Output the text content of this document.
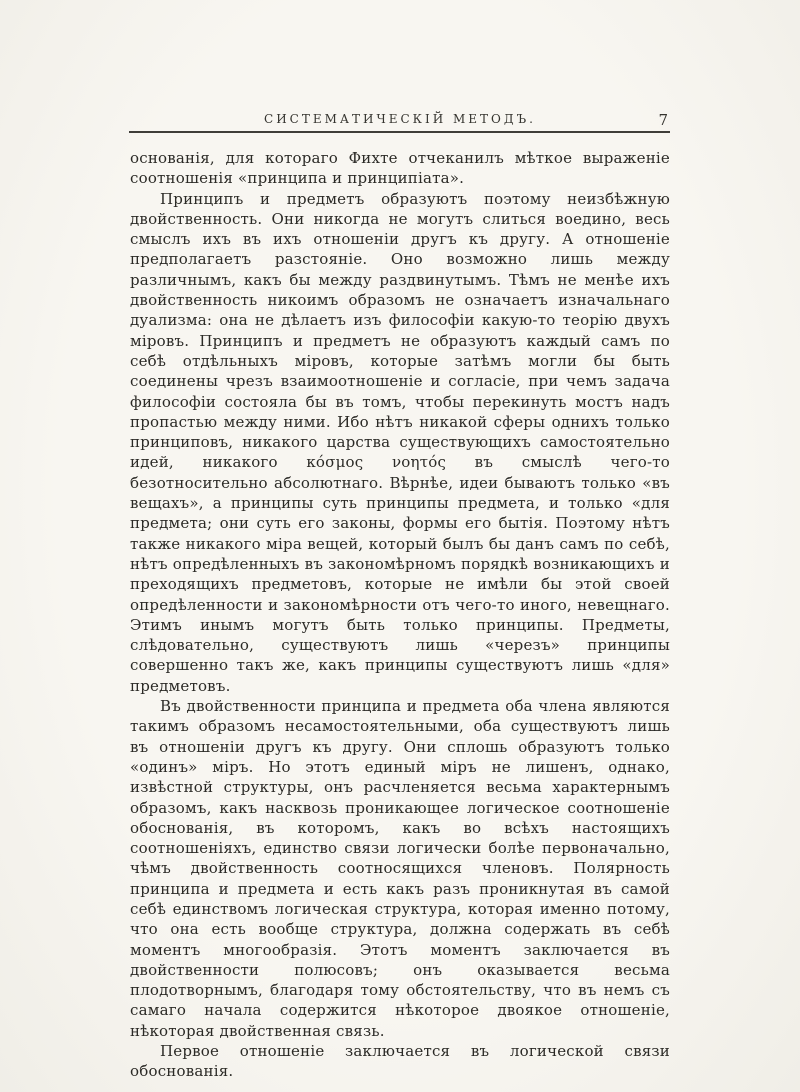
СИСТЕМАТИЧЕСКІЙ МЕТОДЪ.	7

основанія, для котораго Фихте отчеканилъ мѣткое выраженіе соотношенія «принципа и принципіата».

Принципъ и предметъ образуютъ поэтому неизбѣжную двойственность. Они никогда не могутъ слиться воедино, весь смыслъ ихъ въ ихъ отношеніи другъ къ другу. А отношеніе предполагаетъ разстояніе. Оно возможно лишь между различнымъ, какъ бы между раздвинутымъ. Тѣмъ не менѣе ихъ двойственность никоимъ образомъ не означаетъ изначальнаго дуализма: она не дѣлаетъ изъ философіи какую-то теорію двухъ міровъ. Принципъ и предметъ не образуютъ каждый самъ по себѣ отдѣльныхъ міровъ, которые затѣмъ могли бы быть соединены чрезъ взаимоотношеніе и согласіе, при чемъ задача философіи состояла бы въ томъ, чтобы перекинуть мостъ надъ пропастью между ними. Ибо нѣтъ никакой сферы однихъ только принциповъ, никакого царства существующихъ самостоятельно идей, никакого κόσμος νοητός въ смыслѣ чего-то безотносительно абсолютнаго. Вѣрнѣе, идеи бываютъ только «въ вещахъ», а принципы суть принципы предмета, и только «для предмета; они суть его законы, формы его бытія. Поэтому нѣтъ также никакого міра вещей, который былъ бы данъ самъ по себѣ, нѣтъ опредѣленныхъ въ закономѣрномъ порядкѣ возникающихъ и преходящихъ предметовъ, которые не имѣли бы этой своей опредѣленности и закономѣрности отъ чего-то иного, невещнаго. Этимъ инымъ могутъ быть только принципы. Предметы, слѣдовательно, существуютъ лишь «черезъ» принципы совершенно такъ же, какъ принципы существуютъ лишь «для» предметовъ.

Въ двойственности принципа и предмета оба члена являются такимъ образомъ несамостоятельными, оба существуютъ лишь въ отношеніи другъ къ другу. Они сплошь образуютъ только «одинъ» міръ. Но этотъ единый міръ не лишенъ, однако, извѣстной структуры, онъ расчленяется весьма характернымъ образомъ, какъ насквозь проникающее логическое соотношеніе обоснованія, въ которомъ, какъ во всѣхъ настоящихъ соотношеніяхъ, единство связи логически болѣе первоначально, чѣмъ двойственность соотносящихся членовъ. Полярность принципа и предмета и есть какъ разъ проникнутая въ самой себѣ единствомъ логическая структура, которая именно потому, что она есть вообще структура, должна содержать въ себѣ моментъ многообразія. Этотъ моментъ заключается въ двойственности полюсовъ; онъ оказывается весьма плодотворнымъ, благодаря тому обстоятельству, что въ немъ съ самаго начала содержится нѣкоторое двоякое отношеніе, нѣкоторая двойственная связь.

Первое отношеніе заключается въ логической связи обоснованія.
